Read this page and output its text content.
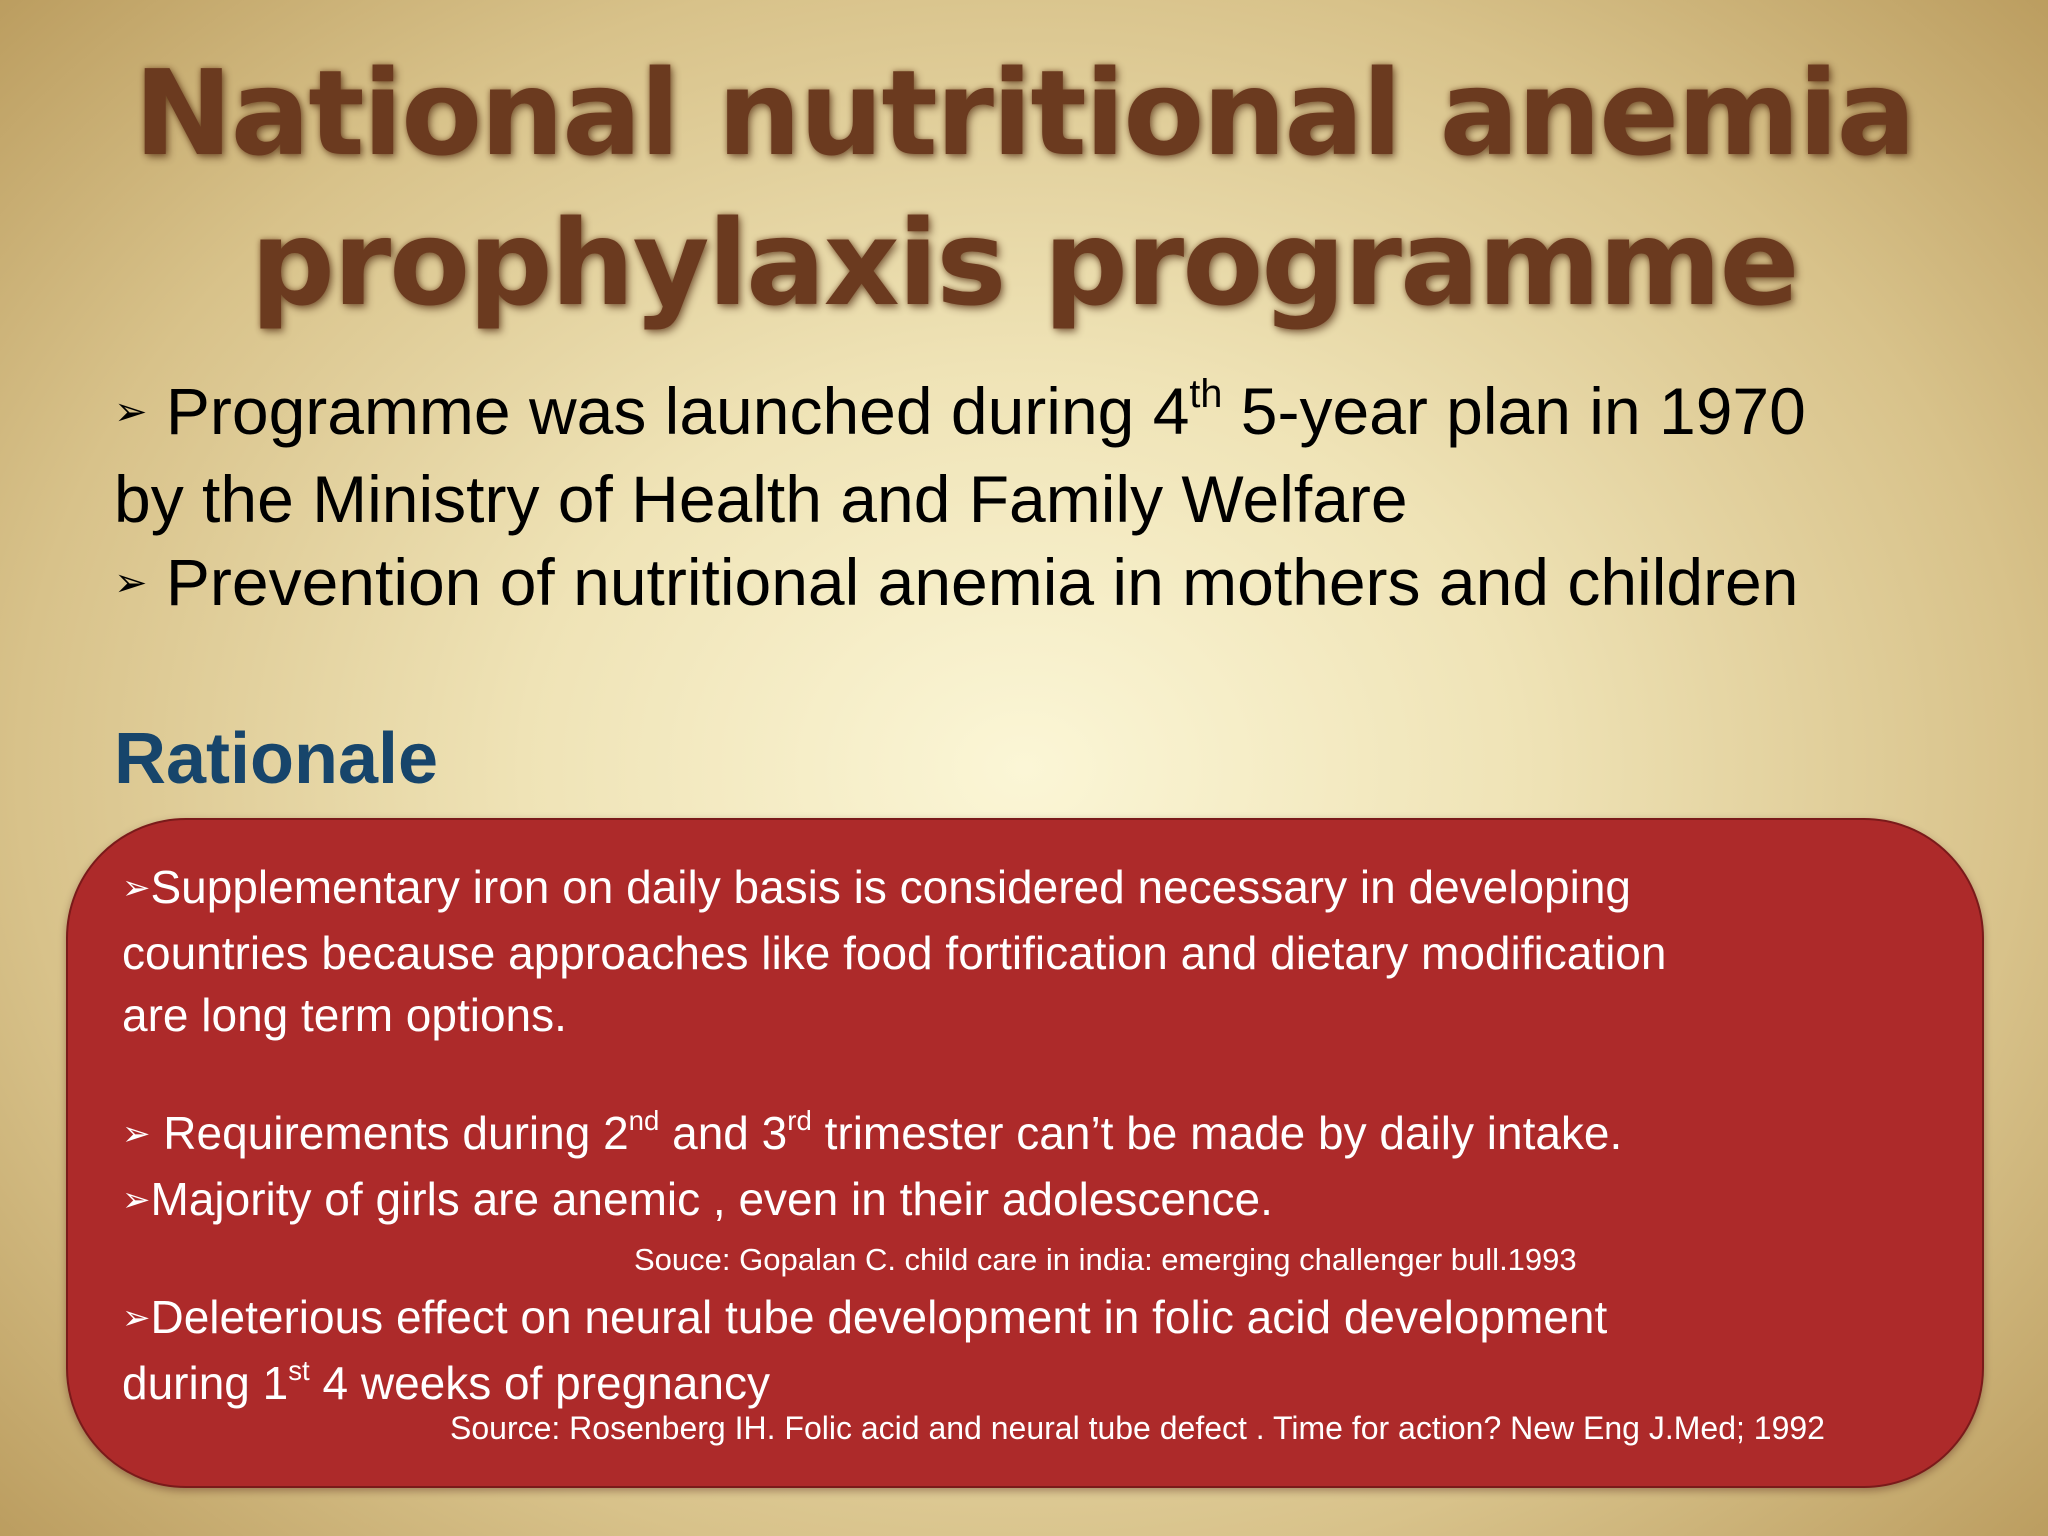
National nutritional anemia
prophylaxis programme

➢ Programme was launched during 4th 5-year plan in 1970

by the Ministry of Health and Family Welfare

➢ Prevention of nutritional anemia in mothers and children

Rationale

➢Supplementary iron on daily basis is considered necessary in developing

countries because approaches like food fortification and dietary modification

are long term options.

➢ Requirements during 2nd and 3rd trimester can’t be made by daily intake.

➢Majority of girls are anemic , even in their adolescence.

Souce: Gopalan C. child care in india: emerging challenger bull.1993

➢Deleterious effect on neural tube development in folic acid development

during 1st 4 weeks of pregnancy

Source: Rosenberg IH. Folic acid and neural tube defect . Time for action? New Eng J.Med; 1992
